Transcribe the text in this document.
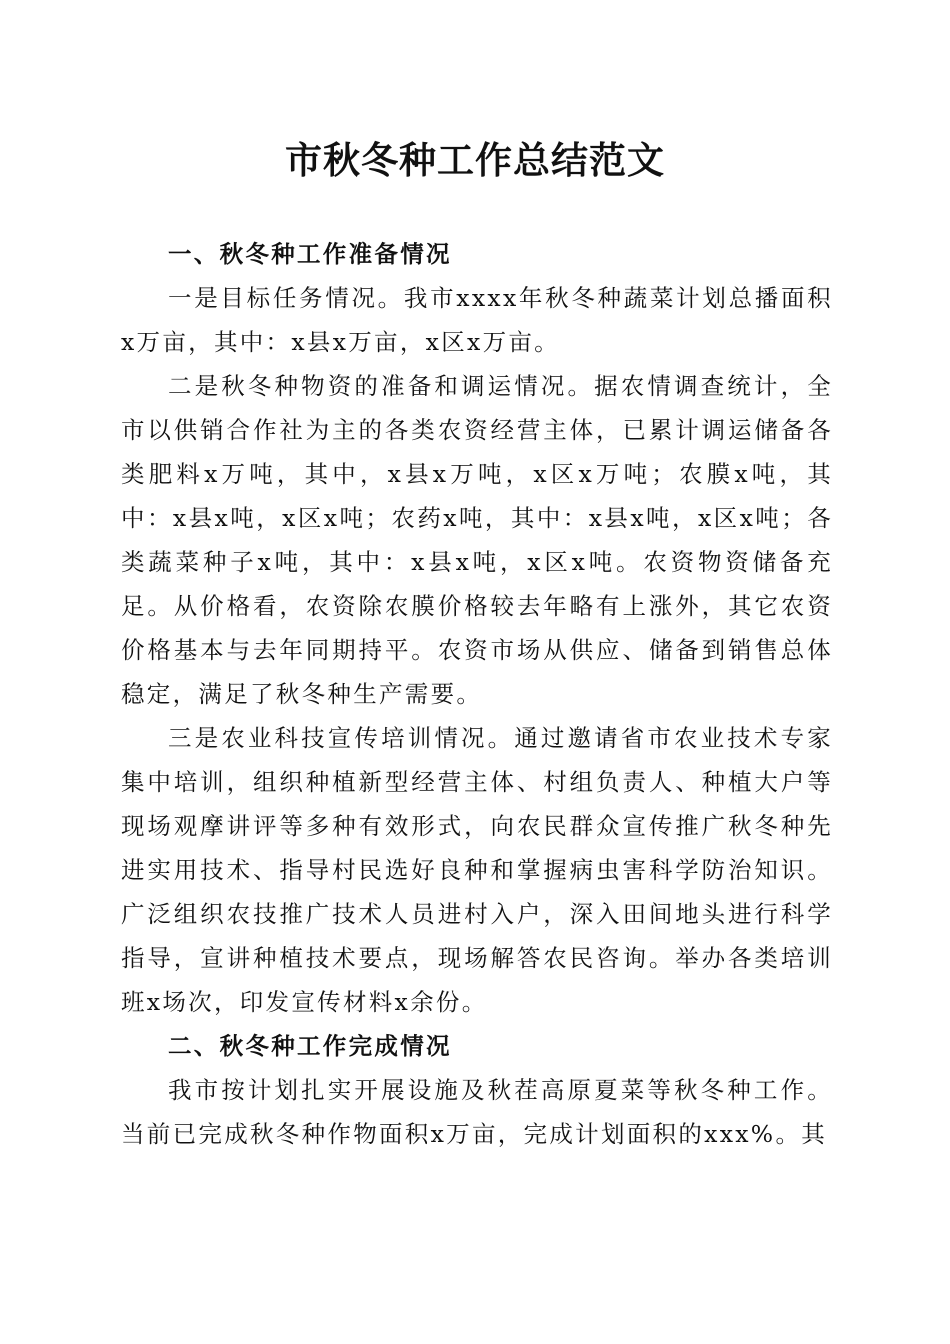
市秋冬种工作总结范文

一、秋冬种工作准备情况

一是目标任务情况。我市xxxx年秋冬种蔬菜计划总播面积x万亩，其中：x县x万亩，x区x万亩。

二是秋冬种物资的准备和调运情况。据农情调查统计，全市以供销合作社为主的各类农资经营主体，已累计调运储备各类肥料x万吨，其中，x县x万吨，x区x万吨；农膜x吨，其中：x县x吨，x区x吨；农药x吨，其中：x县x吨，x区x吨；各类蔬菜种子x吨，其中：x县x吨，x区x吨。农资物资储备充足。从价格看，农资除农膜价格较去年略有上涨外，其它农资价格基本与去年同期持平。农资市场从供应、储备到销售总体稳定，满足了秋冬种生产需要。

三是农业科技宣传培训情况。通过邀请省市农业技术专家集中培训，组织种植新型经营主体、村组负责人、种植大户等现场观摩讲评等多种有效形式，向农民群众宣传推广秋冬种先进实用技术、指导村民选好良种和掌握病虫害科学防治知识。广泛组织农技推广技术人员进村入户，深入田间地头进行科学指导，宣讲种植技术要点，现场解答农民咨询。举办各类培训班x场次，印发宣传材料x余份。

二、秋冬种工作完成情况

我市按计划扎实开展设施及秋茬高原夏菜等秋冬种工作。当前已完成秋冬种作物面积x万亩，完成计划面积的xxx%。其
